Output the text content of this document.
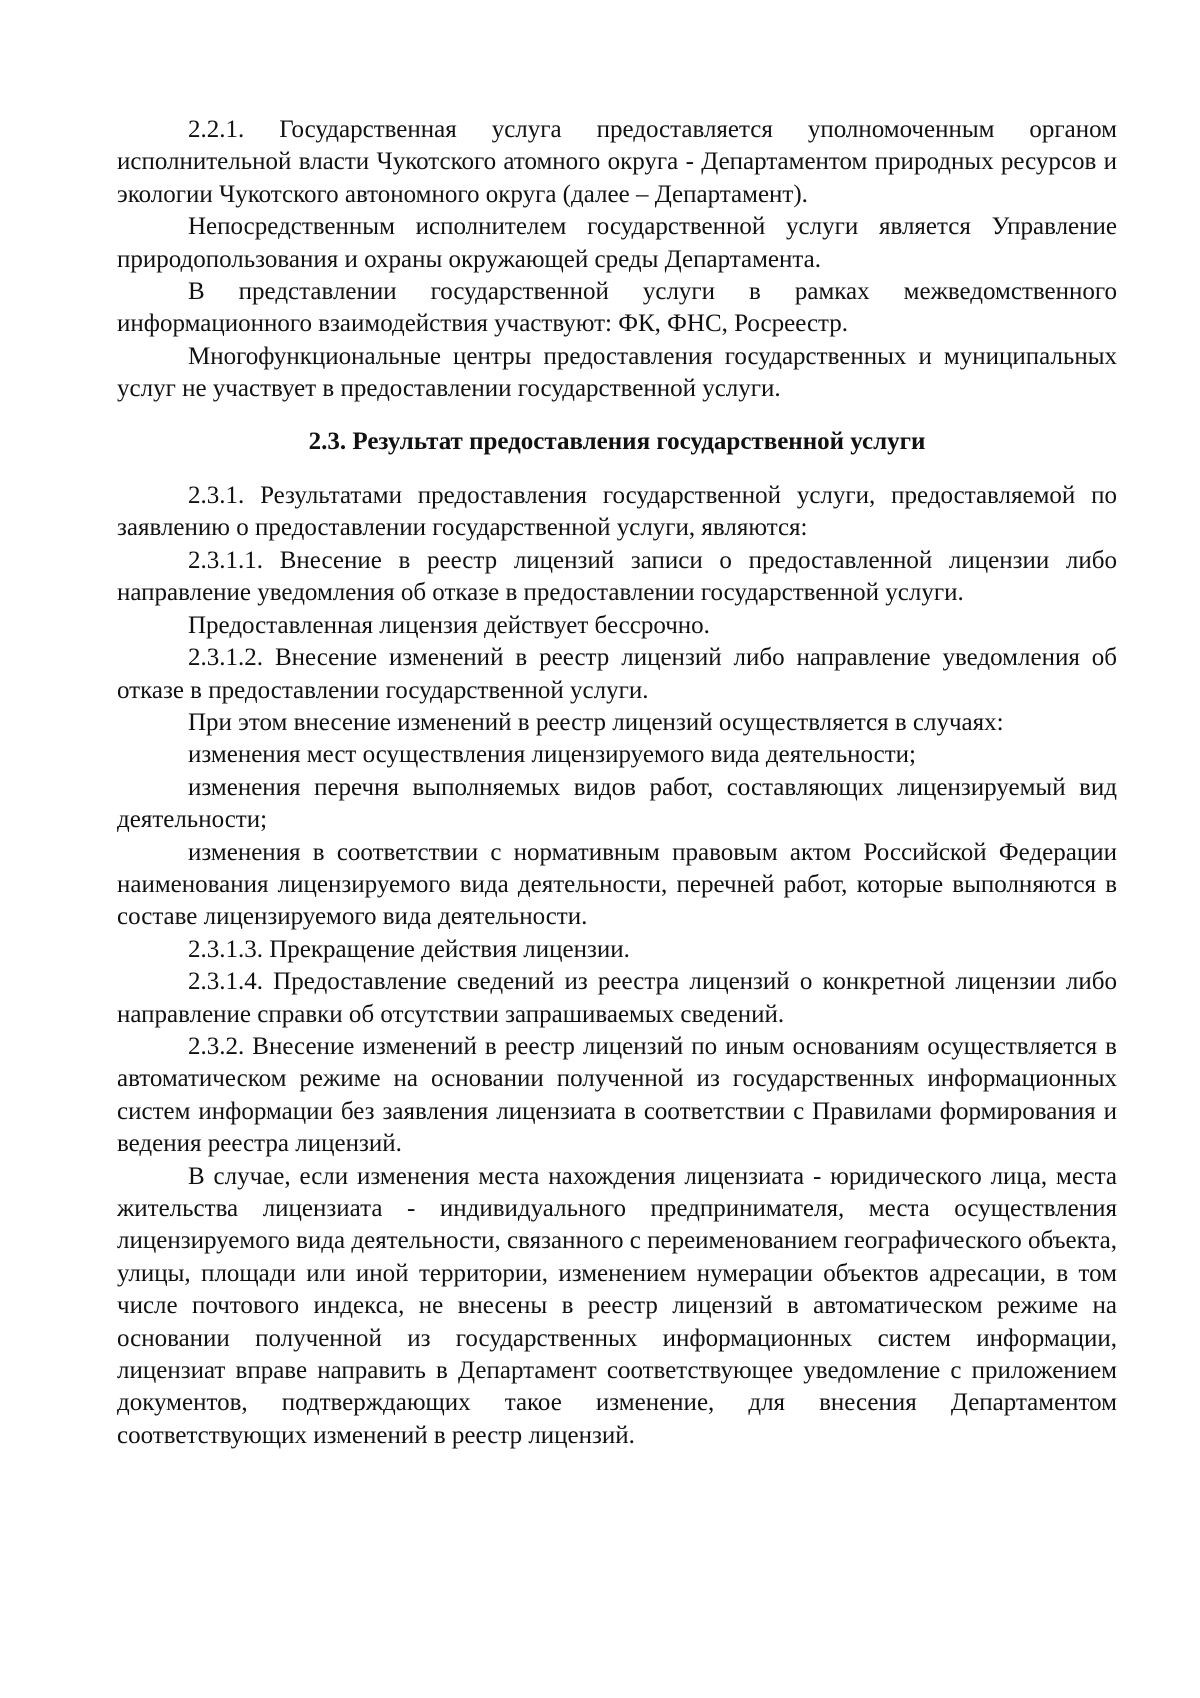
2.2.1. Государственная услуга предоставляется уполномоченным органом исполнительной власти Чукотского атомного округа - Департаментом природных ресурсов и экологии Чукотского автономного округа (далее – Департамент).

Непосредственным исполнителем государственной услуги является Управление природопользования и охраны окружающей среды Департамента.

В представлении государственной услуги в рамках межведомственного информационного взаимодействия участвуют: ФК, ФНС, Росреестр.

Многофункциональные центры предоставления государственных и муниципальных услуг не участвует в предоставлении государственной услуги.

2.3. Результат предоставления государственной услуги

2.3.1. Результатами предоставления государственной услуги, предоставляемой по заявлению о предоставлении государственной услуги, являются:

2.3.1.1. Внесение в реестр лицензий записи о предоставленной лицензии либо направление уведомления об отказе в предоставлении государственной услуги.

Предоставленная лицензия действует бессрочно.

2.3.1.2. Внесение изменений в реестр лицензий либо направление уведомления об отказе в предоставлении государственной услуги.

При этом внесение изменений в реестр лицензий осуществляется в случаях:

изменения мест осуществления лицензируемого вида деятельности;

изменения перечня выполняемых видов работ, составляющих лицензируемый вид деятельности;

изменения в соответствии с нормативным правовым актом Российской Федерации наименования лицензируемого вида деятельности, перечней работ, которые выполняются в составе лицензируемого вида деятельности.

2.3.1.3. Прекращение действия лицензии.

2.3.1.4. Предоставление сведений из реестра лицензий о конкретной лицензии либо направление справки об отсутствии запрашиваемых сведений.

2.3.2. Внесение изменений в реестр лицензий по иным основаниям осуществляется в автоматическом режиме на основании полученной из государственных информационных систем информации без заявления лицензиата в соответствии с Правилами формирования и ведения реестра лицензий.

В случае, если изменения места нахождения лицензиата - юридического лица, места жительства лицензиата - индивидуального предпринимателя, места осуществления лицензируемого вида деятельности, связанного с переименованием географического объекта, улицы, площади или иной территории, изменением нумерации объектов адресации, в том числе почтового индекса, не внесены в реестр лицензий в автоматическом режиме на основании полученной из государственных информационных систем информации, лицензиат вправе направить в Департамент соответствующее уведомление с приложением документов, подтверждающих такое изменение, для внесения Департаментом соответствующих изменений в реестр лицензий.
